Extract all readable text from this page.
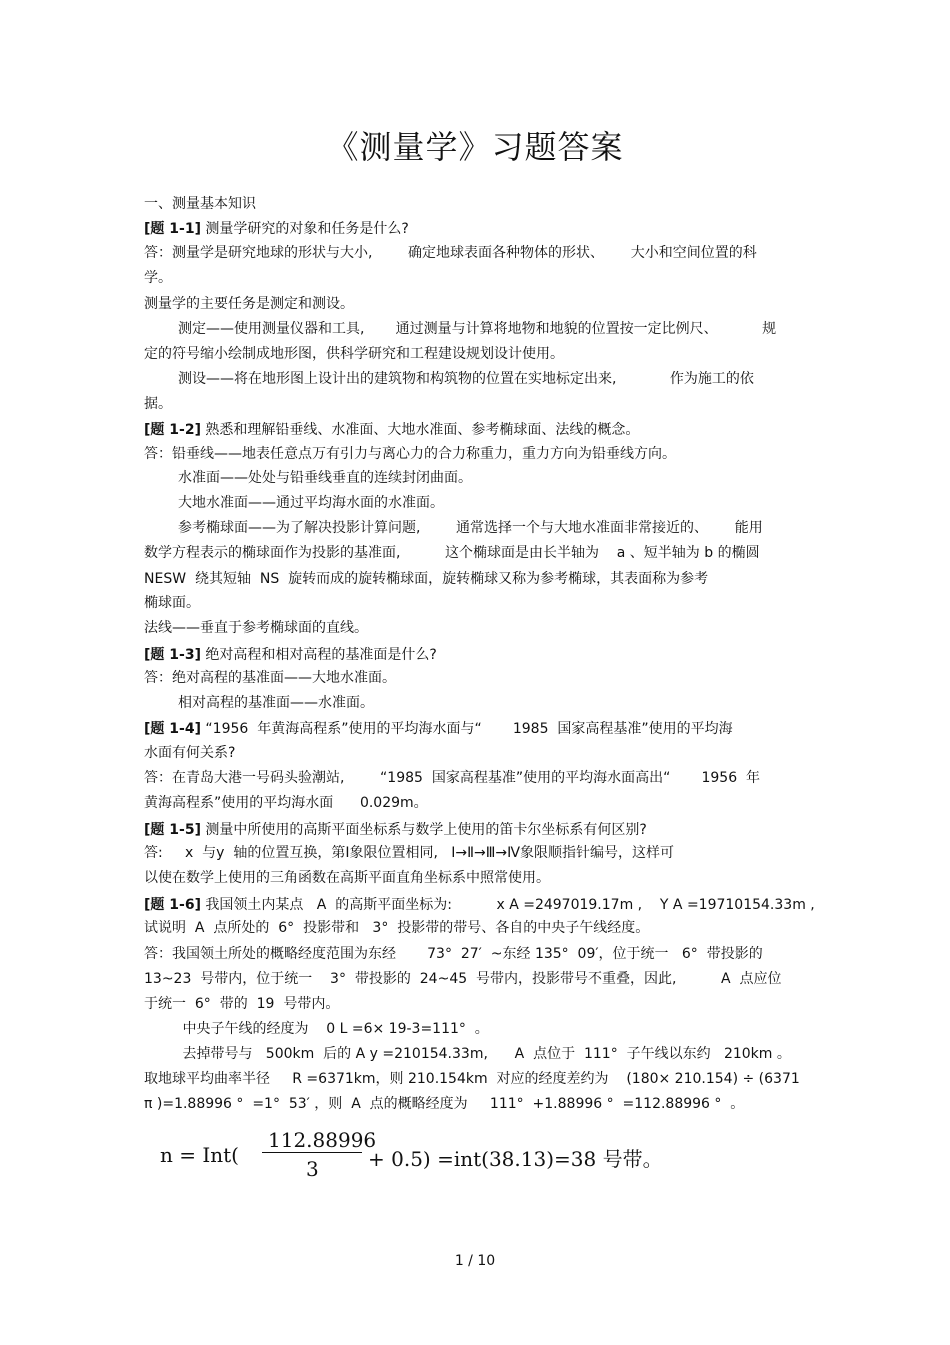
《测量学》习题答案
一、测量基本知识
[题 1-1] 测量学研究的对象和任务是什么?
答：测量学是研究地球的形状与大小,        确定地球表面各种物体的形状、      大小和空间位置的科
学。
测量学的主要任务是测定和测设。
测定——使用测量仪器和工具,       通过测量与计算将地物和地貌的位置按一定比例尺、          规
定的符号缩小绘制成地形图，供科学研究和工程建设规划设计使用。
测设——将在地形图上设计出的建筑物和构筑物的位置在实地标定出来,            作为施工的依
据。
[题 1-2] 熟悉和理解铅垂线、水准面、大地水准面、参考椭球面、法线的概念。
答：铅垂线——地表任意点万有引力与离心力的合力称重力，重力方向为铅垂线方向。
水准面——处处与铅垂线垂直的连续封闭曲面。
大地水准面——通过平均海水面的水准面。
参考椭球面——为了解决投影计算问题,        通常选择一个与大地水准面非常接近的、      能用
数学方程表示的椭球面作为投影的基准面,          这个椭球面是由长半轴为    a 、短半轴为 b 的椭圆
NESW  绕其短轴  NS  旋转而成的旋转椭球面，旋转椭球又称为参考椭球，其表面称为参考
椭球面。
法线——垂直于参考椭球面的直线。
[题 1-3] 绝对高程和相对高程的基准面是什么?
答：绝对高程的基准面——大地水准面。
相对高程的基准面——水准面。
[题 1-4] “1956  年黄海高程系”使用的平均海水面与“       1985  国家高程基准”使用的平均海
水面有何关系?
答：在青岛大港一号码头验潮站,        “1985  国家高程基准”使用的平均海水面高出“       1956  年
黄海高程系”使用的平均海水面      0.029m。
[题 1-5] 测量中所使用的高斯平面坐标系与数学上使用的笛卡尔坐标系有何区别?
答:     x  与y  轴的位置互换，第Ⅰ象限位置相同,   Ⅰ→Ⅱ→Ⅲ→Ⅳ象限顺指针编号，这样可
以使在数学上使用的三角函数在高斯平面直角坐标系中照常使用。
[题 1-6] 我国领土内某点   A  的高斯平面坐标为:          x A =2497019.17m ,    Y A =19710154.33m ,
试说明  A  点所处的  6°  投影带和   3°  投影带的带号、各自的中央子午线经度。
答：我国领土所处的概略经度范围为东经       73°  27′  ~东经 135°  09′，位于统一   6°  带投影的
13~23  号带内，位于统一    3°  带投影的  24~45  号带内，投影带号不重叠，因此,          A  点应位
于统一  6°  带的  19  号带内。
中央子午线的经度为    0 L =6× 19-3=111°  。
去掉带号与   500km  后的 A y =210154.33m,      A  点位于  111°  子午线以东约   210km 。
取地球平均曲率半径     R =6371km，则 210.154km  对应的经度差约为    (180× 210.154) ÷ (6371
π )=1.88996 °  =1°  53′ ，则  A  点的概略经度为     111°  +1.88996 °  =112.88996 °  。
n = Int(
112.88996
3 + 0.5) =int(38.13)=38 号带。
1 / 10
